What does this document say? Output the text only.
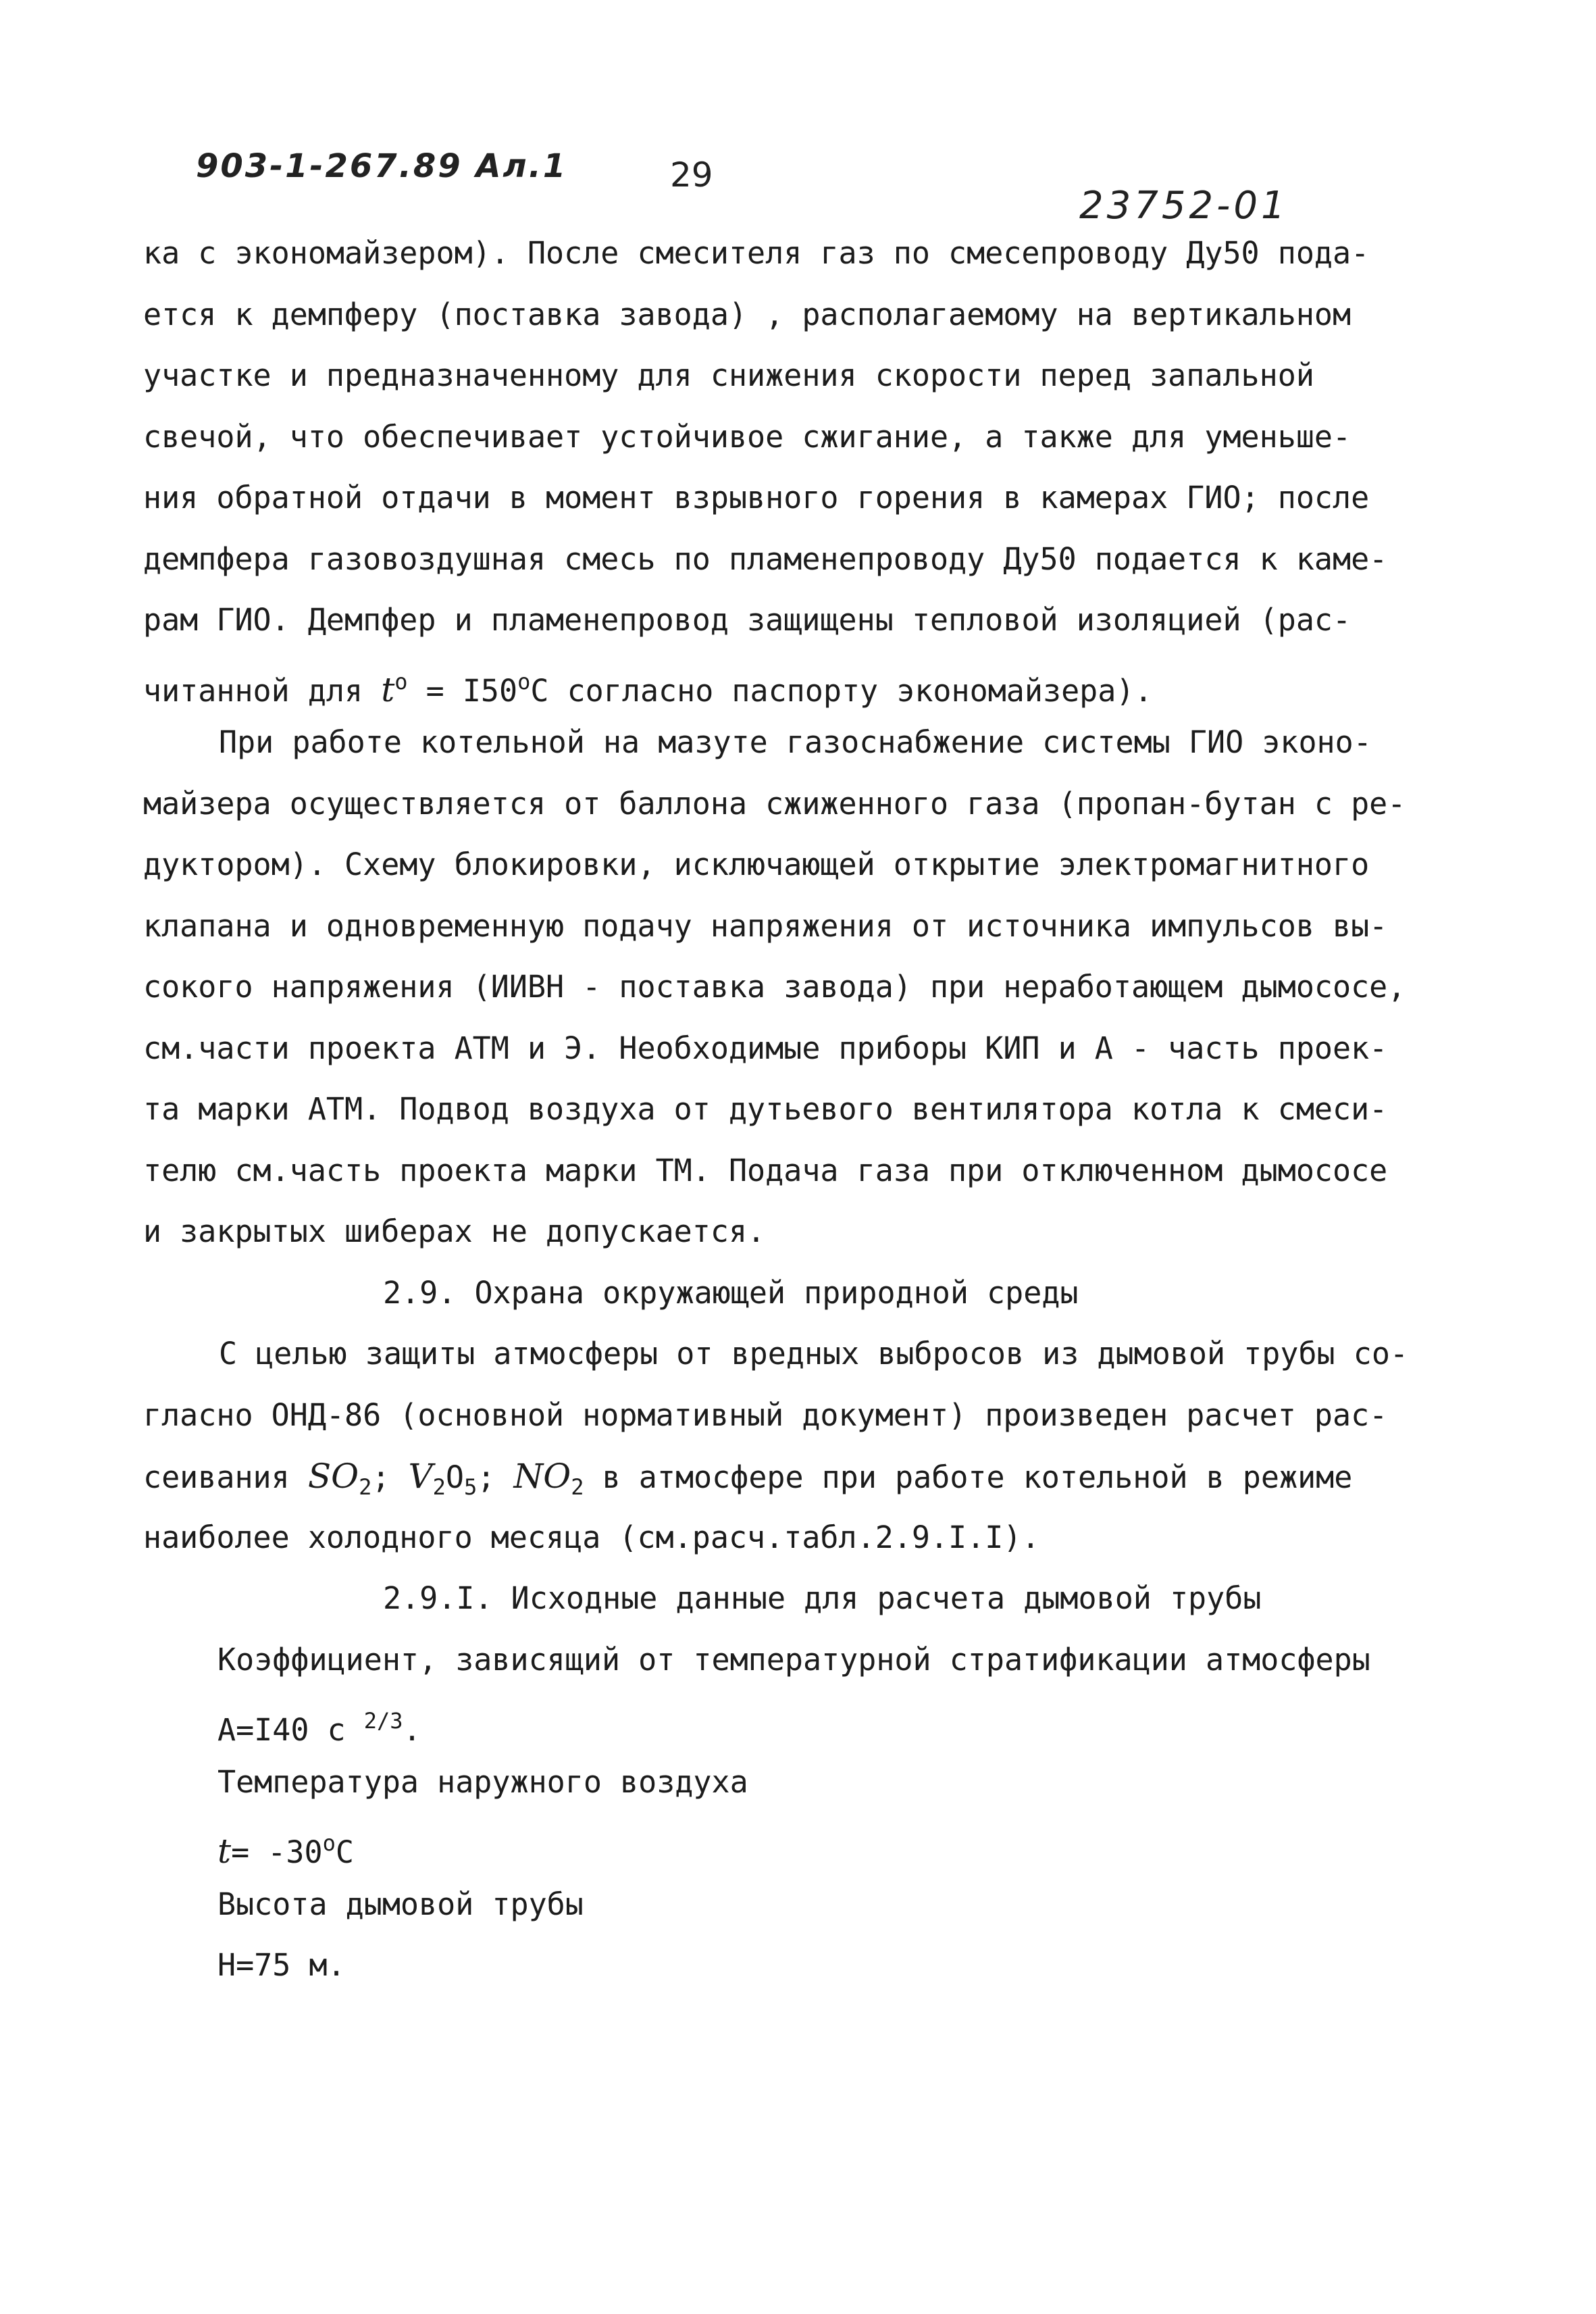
903-1-267.89 Ал.1	29
23752-01
ка с экономайзером). После смесителя газ по смесепроводу Ду50 пода-
ется к демпферу (поставка завода) , располагаемому на вертикальном
участке и предназначенному для снижения скорости перед запальной
свечой, что обеспечивает устойчивое сжигание, а также для уменьше-
ния обратной отдачи в момент взрывного горения в камерах ГИО; после
демпфера газовоздушная смесь по пламенепроводу Ду50 подается к каме-
рам ГИО. Демпфер и пламенепровод защищены тепловой изоляцией (рас-
читанной для $t^o = I50^oC$ согласно паспорту экономайзера).
При работе котельной на мазуте газоснабжение системы ГИО эконо-
майзера осуществляется от баллона сжиженного газа (пропан-бутан с ре-
дуктором). Схему блокировки, исключающей открытие электромагнитного
клапана и одновременную подачу напряжения от источника импульсов вы-
сокого напряжения (ИИВН - поставка завода) при неработающем дымососе,
см.части проекта АТМ и Э. Необходимые приборы КИП и А - часть проек-
та марки АТМ. Подвод воздуха от дутьевого вентилятора котла к смеси-
телю см.часть проекта марки ТМ. Подача газа при отключенном дымососе
и закрытых шиберах не допускается.
2.9. Охрана окружающей природной среды
С целью защиты атмосферы от вредных выбросов из дымовой трубы со-
гласно ОНД-86 (основной нормативный документ) произведен расчет рас-
сеивания $SO_2$; $V_2O_5$; $NO_2$ в атмосфере при работе котельной в режиме
наиболее холодного месяца (см.расч.табл.2.9.I.I).
2.9.I. Исходные данные для расчета дымовой трубы
Коэффициент, зависящий от температурной стратификации атмосферы
A=I40 c $^{2/3}$.
Температура наружного воздуха
$t= -30^oC$
Высота дымовой трубы
H=75 м.
